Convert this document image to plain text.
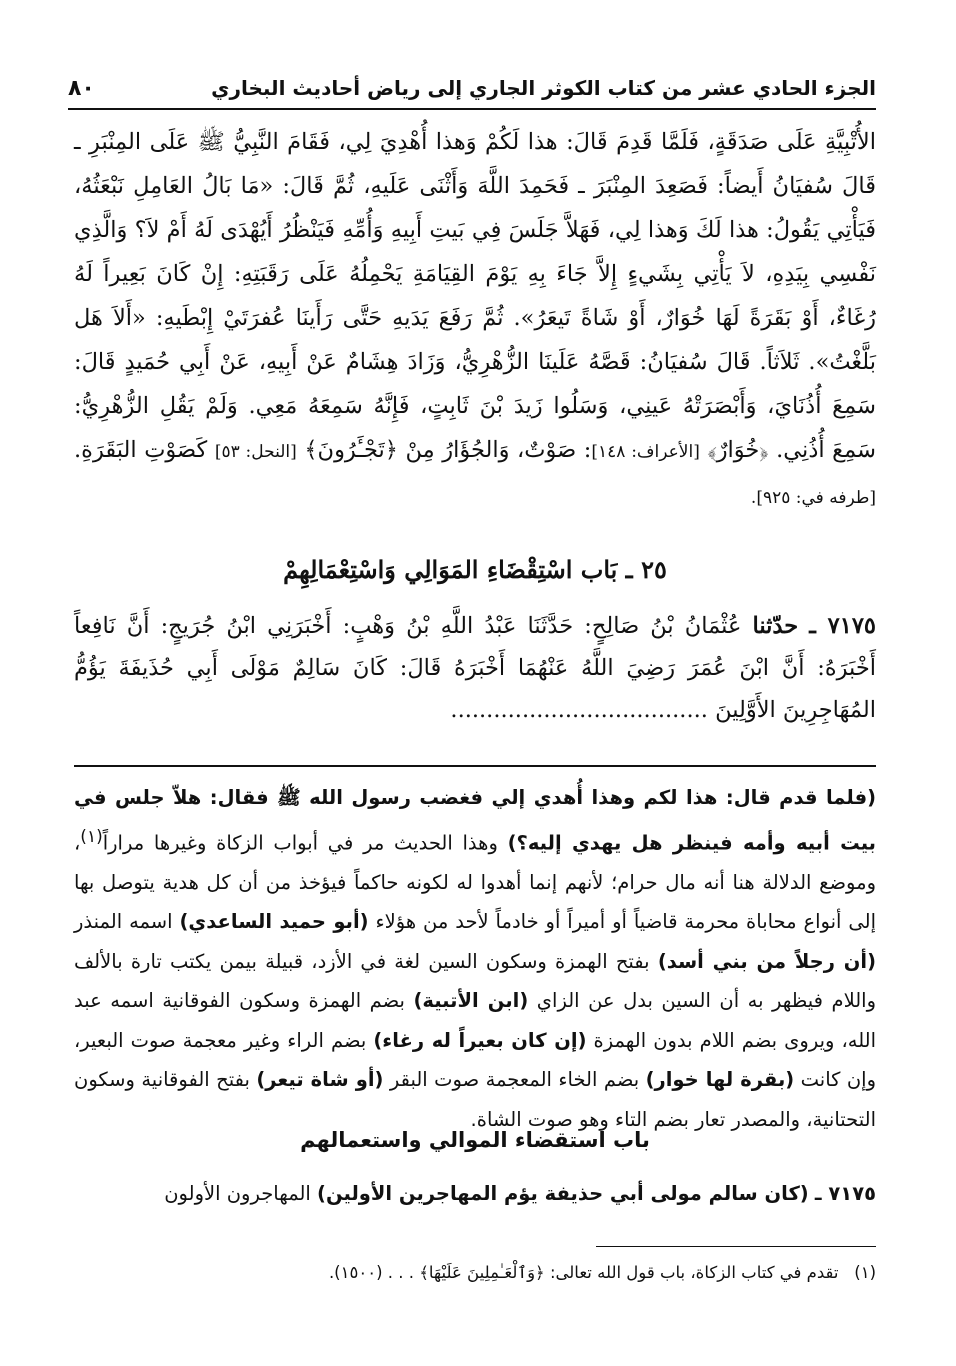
الجزء الحادي عشر من كتاب الكوثر الجاري إلى رياض أحاديث البخاري
٨٠

الأُتْبِيَّةِ عَلَى صَدَقَةٍ، فَلَمَّا قَدِمَ قَالَ: هذا لَكُمْ وَهذا أُهْدِيَ لِي، فَقَامَ النَّبِيُّ ﷺ عَلَى المِنْبَرِ ـ قَالَ سُفيَانُ أَيضاً: فَصَعِدَ المِنْبَرَ ـ فَحَمِدَ اللَّهَ وَأَثْنَى عَلَيهِ، ثُمَّ قَالَ: «مَا بَالُ العَامِلِ نَبْعَثُهُ، فَيَأْتِي يَقُولُ: هذا لَكَ وَهذا لِي، فَهَلاَّ جَلَسَ فِي بَيتِ أَبِيهِ وَأُمِّهِ فَيَنْظُرُ أَيُهْدَى لَهُ أَمْ لاَ؟ وَالَّذِي نَفْسِي بِيَدِهِ، لاَ يَأْتِي بِشَيءٍ إِلاَّ جَاءَ بِهِ يَوْمَ القِيَامَةِ يَحْمِلُهُ عَلَى رَقَبَتِهِ: إِنْ كَانَ بَعِيراً لَهُ رُغَاءٌ، أَوْ بَقَرَةً لَهَا خُوَارٌ، أَوْ شَاةً تَيعَرُ». ثُمَّ رَفَعَ يَدَيهِ حَتَّى رَأَينَا عُفرَتَيْ إِبْطَيهِ: «أَلاَ هَل بَلَّغْتُ». ثَلاَثاً. قَالَ سُفيَانُ: قَصَّهُ عَلَينَا الزُّهْرِيُّ، وَزَادَ هِشَامٌ عَنْ أَبِيهِ، عَنْ أَبِي حُمَيدٍ قَالَ: سَمِعَ أُذُنَايَ، وَأَبْصَرَتْهُ عَينِي، وَسَلُوا زَيدَ بْنَ ثَابِتٍ، فَإِنَّهُ سَمِعَهُ مَعِي. وَلَمْ يَقُلِ الزُّهْرِيُّ: سَمِعَ أُذُنِي. ﴿خُوَارٌ﴾ [الأعراف: ١٤٨]: صَوْتٌ، وَالجُؤَارُ مِنْ ﴿تَجْـَٔرُونَ﴾ [النحل: ٥٣] كَصَوْتِ البَقَرَةِ. [طرفه في: ٩٢٥].

٢٥ ـ بَاب اسْتِقْضَاءِ المَوَالِي وَاسْتِعْمَالِهِمْ

٧١٧٥ ـ حدّثنا عُثْمَانُ بْنُ صَالِحٍ: حَدَّثَنَا عَبْدُ اللَّهِ بْنُ وَهْبٍ: أَخْبَرَنِي ابْنُ جُرَيجٍ: أَنَّ نَافِعاً أَخْبَرَهُ: أَنَّ ابْنَ عُمَرَ رَضِيَ اللَّهُ عَنْهُمَا أَخْبَرَهُ قَالَ: كَانَ سَالِمٌ مَوْلَى أَبِي حُذَيفَةَ يَؤُمُّ المُهَاجِرِينَ الأَوَّلِينَ ....................................

(فلما قدم قال: هذا لكم وهذا أُهدي إلي فغضب رسول الله ﷺ فقال: هلاّ جلس في بيت أبيه وأمه فينظر هل يهدي إليه؟) وهذا الحديث مر في أبواب الزكاة وغيرها مراراً$^{(١)}$، وموضع الدلالة هنا أنه مال حرام؛ لأنهم إنما أهدوا له لكونه حاكماً فيؤخذ من أن كل هدية يتوصل بها إلى أنواع محاباة محرمة قاضياً أو أميراً أو خادماً لأحد من هؤلاء (أبو حميد الساعدي) اسمه المنذر (أن رجلاً من بني أسد) بفتح الهمزة وسكون السين لغة في الأزد، قبيلة بيمن يكتب تارة بالألف واللام فيظهر به أن السين بدل عن الزاي (ابن الأتبية) بضم الهمزة وسكون الفوقانية اسمه عبد الله، ويروى بضم اللام بدون الهمزة (إن كان بعيراً له رغاء) بضم الراء وغير معجمة صوت البعير، وإن كانت (بقرة لها خوار) بضم الخاء المعجمة صوت البقر (أو شاة تيعر) بفتح الفوقانية وسكون التحتانية، والمصدر تعار بضم التاء وهو صوت الشاة.

باب استقضاء الموالي واستعمالهم

٧١٧٥ ـ (كان سالم مولى أبي حذيفة يؤم المهاجرين الأولين) المهاجرون الأولون

(١)   تقدم في كتاب الزكاة، باب قول الله تعالى: ﴿وَٱلْعَـٰمِلِينَ عَلَيْهَا﴾ . . . (١٥٠٠).
